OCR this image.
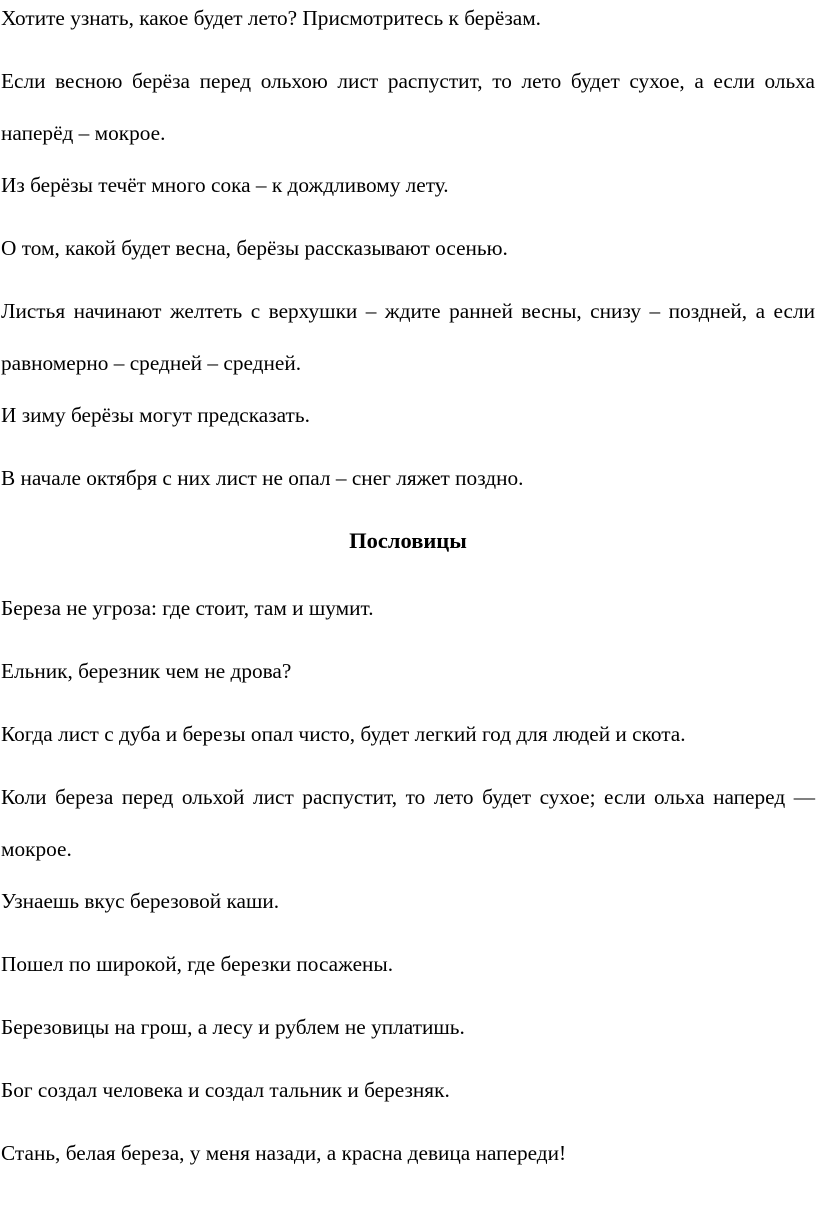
Хотите узнать, какое будет лето? Присмотритесь к берёзам.

Если весною берёза перед ольхою лист распустит, то лето будет сухое, а если ольха наперёд – мокрое.

Из берёзы течёт много сока – к дождливому лету.

О том, какой будет весна, берёзы рассказывают осенью.

Листья начинают желтеть с верхушки – ждите ранней весны, снизу – поздней, а если равномерно – средней – средней.

И зиму берёзы могут предсказать.

В начале октября с них лист не опал – снег ляжет поздно.

Пословицы

Береза не угроза: где стоит, там и шумит.

Ельник, березник чем не дрова?

Когда лист с дуба и березы опал чисто, будет легкий год для людей и скота.

Коли береза перед ольхой лист распустит, то лето будет сухое; если ольха наперед — мокрое.

Узнаешь вкус березовой каши.

Пошел по широкой, где березки посажены.

Березовицы на грош, а лесу и рублем не уплатишь.

Бог создал человека и создал тальник и березняк.

Стань, белая береза, у меня назади, а красна девица напереди!
